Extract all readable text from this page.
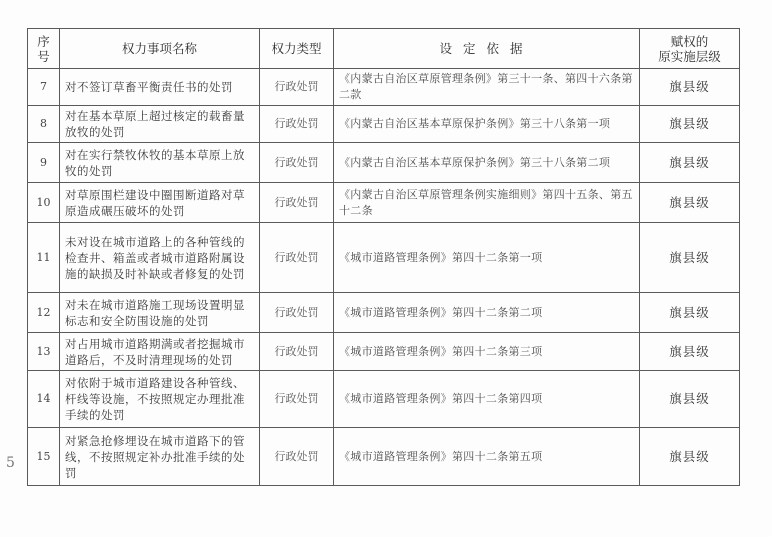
序号	权力事项名称	权力类型	设定依据	赋权的
原实施层级

7	对不签订草畜平衡责任书的处罚	行政处罚	《内蒙古自治区草原管理条例》第三十一条、第四十六条第二款	旗县级
8	对在基本草原上超过核定的载畜量放牧的处罚	行政处罚	《内蒙古自治区基本草原保护条例》第三十八条第一项	旗县级
9	对在实行禁牧休牧的基本草原上放牧的处罚	行政处罚	《内蒙古自治区基本草原保护条例》第三十八条第二项	旗县级
10	对草原围栏建设中圈围断道路对草原造成碾压破坏的处罚	行政处罚	《内蒙古自治区草原管理条例实施细则》第四十五条、第五十二条	旗县级
11	未对设在城市道路上的各种管线的检查井、箱盖或者城市道路附属设施的缺损及时补缺或者修复的处罚	行政处罚	《城市道路管理条例》第四十二条第一项	旗县级
12	对未在城市道路施工现场设置明显标志和安全防围设施的处罚	行政处罚	《城市道路管理条例》第四十二条第二项	旗县级
13	对占用城市道路期满或者挖掘城市道路后，不及时清理现场的处罚	行政处罚	《城市道路管理条例》第四十二条第三项	旗县级
14	对依附于城市道路建设各种管线、杆线等设施，不按照规定办理批准手续的处罚	行政处罚	《城市道路管理条例》第四十二条第四项	旗县级
15	对紧急抢修埋设在城市道路下的管线，不按照规定补办批准手续的处罚	行政处罚	《城市道路管理条例》第四十二条第五项	旗县级
5
